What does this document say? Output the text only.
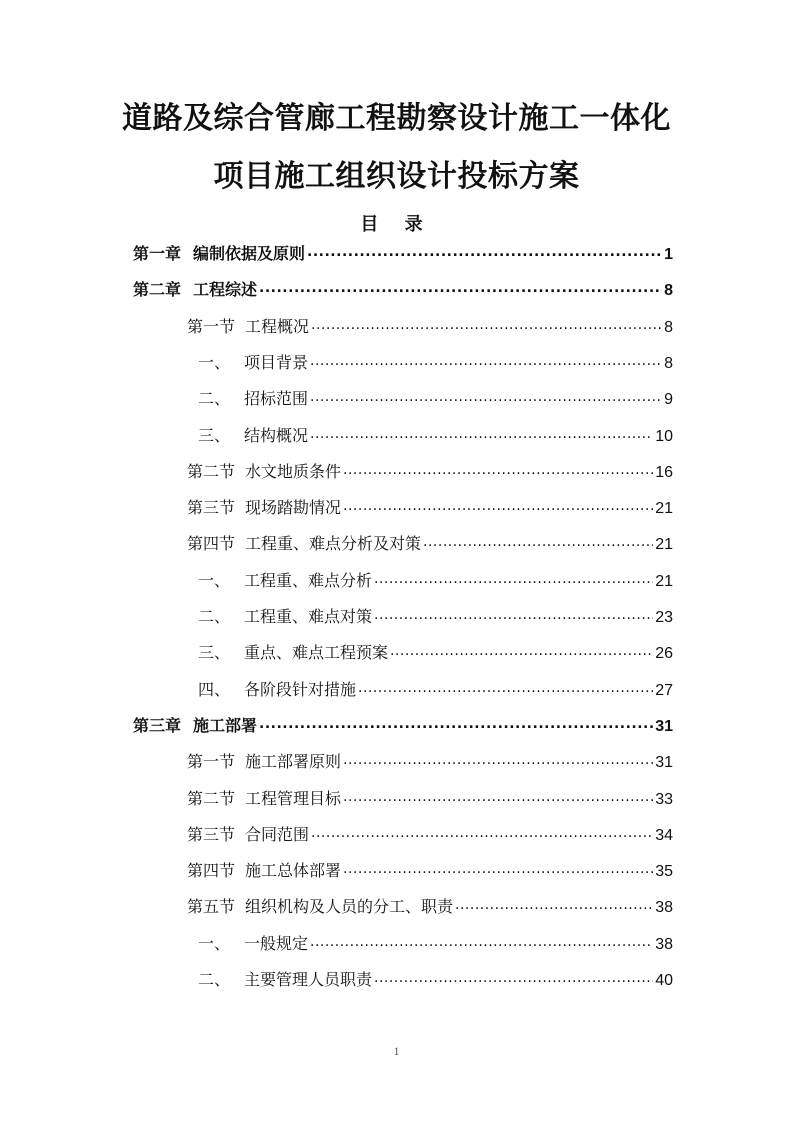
道路及综合管廊工程勘察设计施工一体化
项目施工组织设计投标方案
目 录
第一章 编制依据及原则 .....	1
第二章 工程综述 .....	8
第一节 工程概况 .....	8
一、 项目背景 .....	8
二、 招标范围 .....	9
三、 结构概况 .....	10
第二节 水文地质条件 .....	16
第三节 现场踏勘情况 .....	21
第四节 工程重、难点分析及对策 .....	21
一、 工程重、难点分析 .....	21
二、 工程重、难点对策 .....	23
三、 重点、难点工程预案 .....	26
四、 各阶段针对措施 .....	27
第三章 施工部署 .....	31
第一节 施工部署原则 .....	31
第二节 工程管理目标 .....	33
第三节 合同范围 .....	34
第四节 施工总体部署 .....	35
第五节 组织机构及人员的分工、职责 .....	38
一、 一般规定 .....	38
二、 主要管理人员职责 .....	40
1
